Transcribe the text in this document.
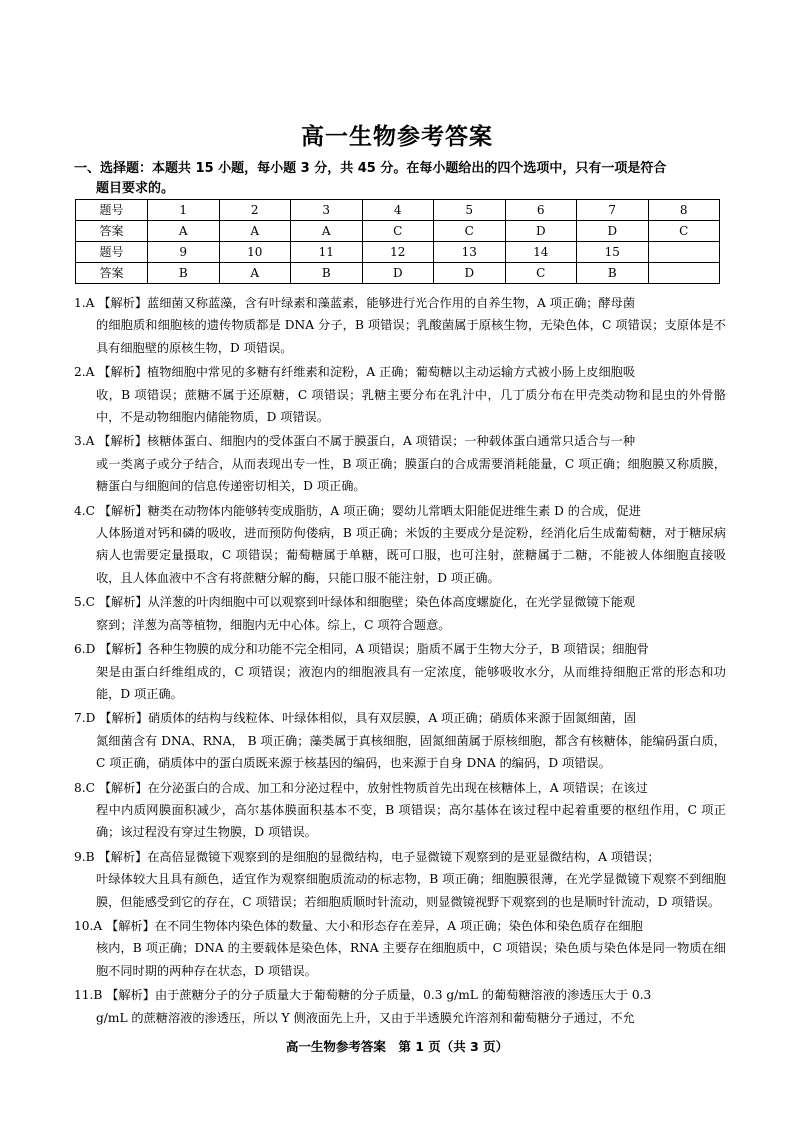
高一生物参考答案
一、选择题：本题共 15 小题，每小题 3 分，共 45 分。在每小题给出的四个选项中，只有一项是符合
题目要求的。
题号	1	2	3	4	5	6	7	8
答案	A	A	A	C	C	D	D	C
题号	9	10	11	12	13	14	15	
答案	B	A	B	D	D	C	B	
1.A 【解析】蓝细菌又称蓝藻，含有叶绿素和藻蓝素，能够进行光合作用的自养生物，A 项正确；酵母菌
的细胞质和细胞核的遗传物质都是 DNA 分子，B 项错误；乳酸菌属于原核生物，无染色体，C 项错误；支原体是不具有细胞壁的原核生物，D 项错误。
2.A 【解析】植物细胞中常见的多糖有纤维素和淀粉，A 正确；葡萄糖以主动运输方式被小肠上皮细胞吸
收，B 项错误；蔗糖不属于还原糖，C 项错误；乳糖主要分布在乳汁中，几丁质分布在甲壳类动物和昆虫的外骨骼中，不是动物细胞内储能物质，D 项错误。
3.A 【解析】核糖体蛋白、细胞内的受体蛋白不属于膜蛋白，A 项错误；一种载体蛋白通常只适合与一种
或一类离子或分子结合，从而表现出专一性，B 项正确；膜蛋白的合成需要消耗能量，C 项正确；细胞膜又称质膜，糖蛋白与细胞间的信息传递密切相关，D 项正确。
4.C 【解析】糖类在动物体内能够转变成脂肪，A 项正确；婴幼儿常晒太阳能促进维生素 D 的合成，促进
人体肠道对钙和磷的吸收，进而预防佝偻病，B 项正确；米饭的主要成分是淀粉，经消化后生成葡萄糖，对于糖尿病病人也需要定量摄取，C 项错误；葡萄糖属于单糖，既可口服，也可注射，蔗糖属于二糖，不能被人体细胞直接吸收，且人体血液中不含有将蔗糖分解的酶，只能口服不能注射，D 项正确。
5.C 【解析】从洋葱的叶肉细胞中可以观察到叶绿体和细胞壁；染色体高度螺旋化，在光学显微镜下能观
察到；洋葱为高等植物，细胞内无中心体。综上，C 项符合题意。
6.D 【解析】各种生物膜的成分和功能不完全相同，A 项错误；脂质不属于生物大分子，B 项错误；细胞骨
架是由蛋白纤维组成的，C 项错误；液泡内的细胞液具有一定浓度，能够吸收水分，从而维持细胞正常的形态和功能，D 项正确。
7.D 【解析】硝质体的结构与线粒体、叶绿体相似，具有双层膜，A 项正确；硝质体来源于固氮细菌，固
氮细菌含有 DNA、RNA， B 项正确；藻类属于真核细胞，固氮细菌属于原核细胞，都含有核糖体，能编码蛋白质，C 项正确，硝质体中的蛋白质既来源于核基因的编码，也来源于自身 DNA 的编码，D 项错误。
8.C 【解析】在分泌蛋白的合成、加工和分泌过程中，放射性物质首先出现在核糖体上，A 项错误；在该过
程中内质网膜面积减少，高尔基体膜面积基本不变，B 项错误；高尔基体在该过程中起着重要的枢纽作用，C 项正确；该过程没有穿过生物膜，D 项错误。
9.B 【解析】在高倍显微镜下观察到的是细胞的显微结构，电子显微镜下观察到的是亚显微结构，A 项错误；
叶绿体较大且具有颜色，适宜作为观察细胞质流动的标志物，B 项正确；细胞膜很薄，在光学显微镜下观察不到细胞膜，但能感受到它的存在，C 项错误；若细胞质顺时针流动，则显微镜视野下观察到的也是顺时针流动，D 项错误。
10.A 【解析】在不同生物体内染色体的数量、大小和形态存在差异，A 项正确；染色体和染色质存在细胞
核内，B 项正确；DNA 的主要载体是染色体，RNA 主要存在细胞质中，C 项错误；染色质与染色体是同一物质在细胞不同时期的两种存在状态，D 项错误。
11.B 【解析】由于蔗糖分子的分子质量大于葡萄糖的分子质量，0.3 g/mL 的葡萄糖溶液的渗透压大于 0.3
g/mL 的蔗糖溶液的渗透压，所以 Y 侧液面先上升，又由于半透膜允许溶剂和葡萄糖分子通过，不允
高一生物参考答案　第 1 页（共 3 页）
